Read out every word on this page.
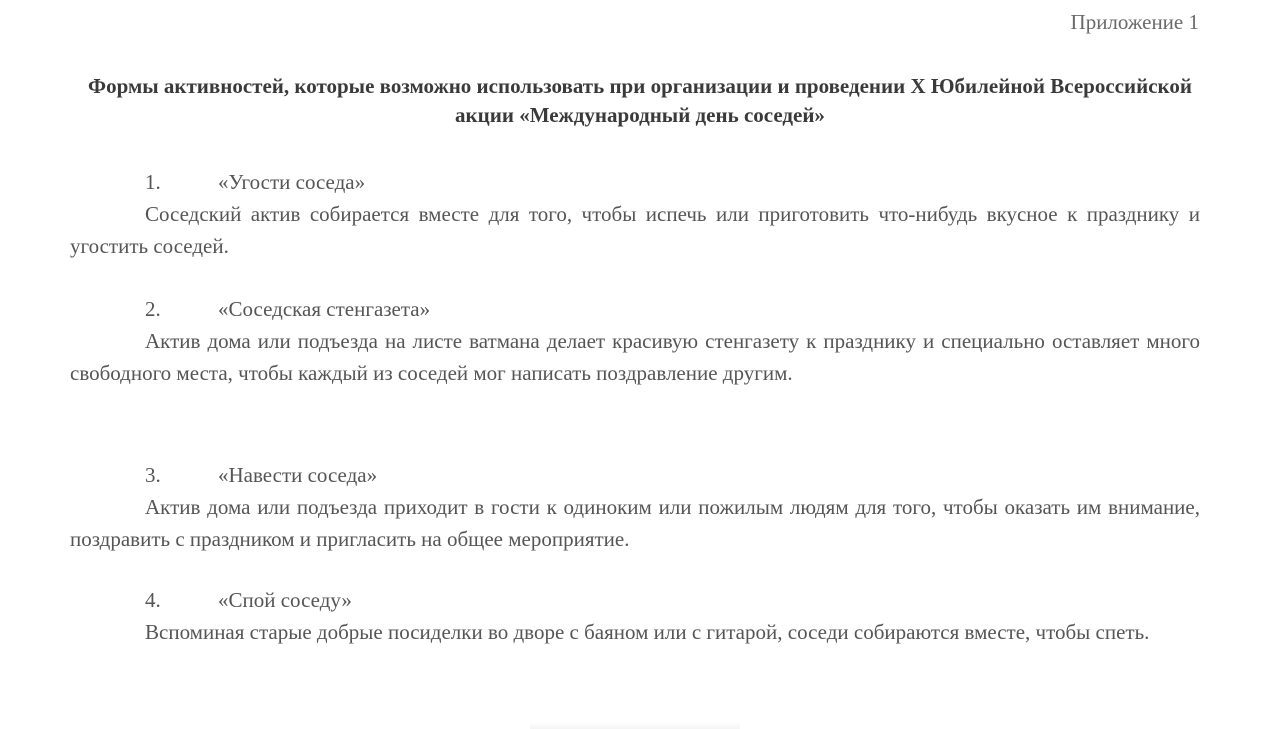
Приложение 1
Формы активностей, которые возможно использовать при организации и проведении X Юбилейной Всероссийской акции «Международный день соседей»
1.	«Угости соседа»
Соседский актив собирается вместе для того, чтобы испечь или приготовить что-нибудь вкусное к празднику и угостить соседей.
2.	«Соседская стенгазета»
Актив дома или подъезда на листе ватмана делает красивую стенгазету к празднику и специально оставляет много свободного места, чтобы каждый из соседей мог написать поздравление другим.
3.	«Навести соседа»
Актив дома или подъезда приходит в гости к одиноким или пожилым людям для того, чтобы оказать им внимание, поздравить с праздником и пригласить на общее мероприятие.
4.	«Спой соседу»
Вспоминая старые добрые посиделки во дворе с баяном или с гитарой, соседи собираются вместе, чтобы спеть.
